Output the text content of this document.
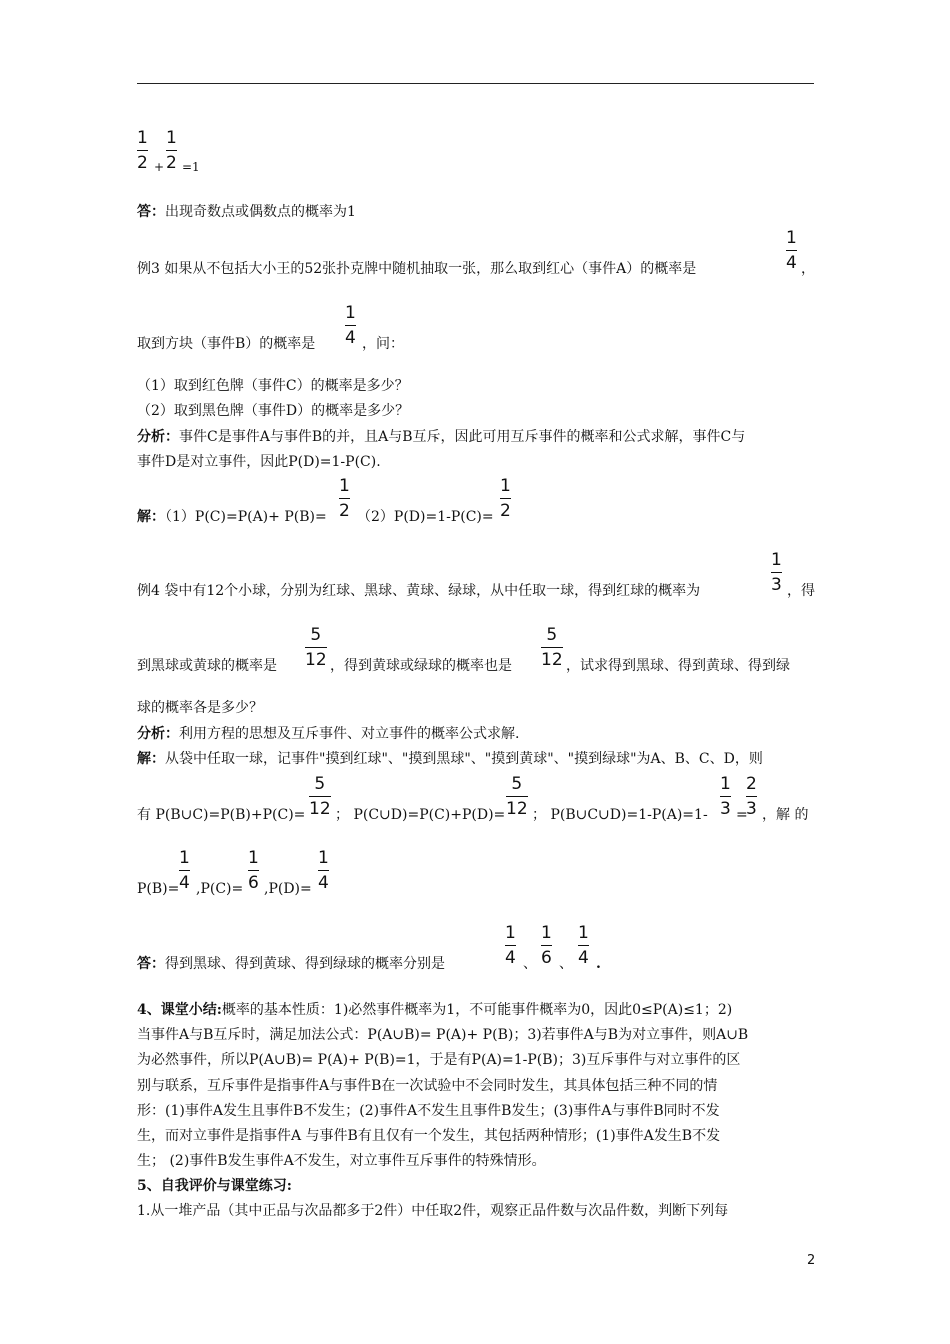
1
2 +
1
2 =1
答：出现奇数点或偶数点的概率为1
例3 如果从不包括大小王的52张扑克牌中随机抽取一张，那么取到红心（事件A）的概率是
1
4 ，
取到方块（事件B）的概率是
1
4 ，问：
（1）取到红色牌（事件C）的概率是多少？
（2）取到黑色牌（事件D）的概率是多少？
分析：事件C是事件A与事件B的并，且A与B互斥，因此可用互斥事件的概率和公式求解，事件C与
事件D是对立事件，因此P(D)=1-P(C).
解：（1）P(C)=P(A)+ P(B)=
1
2 （2）P(D)=1-P(C)=
1
2
例4 袋中有12个小球，分别为红球、黑球、黄球、绿球，从中任取一球，得到红球的概率为
1
3 ，得
到黑球或黄球的概率是
5
12 ，得到黄球或绿球的概率也是
5
12 ，试求得到黑球、得到黄球、得到绿
球的概率各是多少？
分析：利用方程的思想及互斥事件、对立事件的概率公式求解.
解：从袋中任取一球，记事件"摸到红球"、"摸到黑球"、"摸到黄球"、"摸到绿球"为A、B、C、D，则
有 P(B∪C)=P(B)+P(C)=
5
12 ； P(C∪D)=P(C)+P(D)=
5
12 ； P(B∪C∪D)=1-P(A)=1-
1
3 =
2
3 ，解 的
P(B)=
1
4 ,P(C)=
1
6 ,P(D)=
1
4
答：得到黑球、得到黄球、得到绿球的概率分别是
1
4 、
1
6 、
1
4 .
4、课堂小结:概率的基本性质：1)必然事件概率为1，不可能事件概率为0，因此0≤P(A)≤1；2)
当事件A与B互斥时，满足加法公式：P(A∪B)= P(A)+ P(B)；3)若事件A与B为对立事件，则A∪B
为必然事件，所以P(A∪B)= P(A)+ P(B)=1，于是有P(A)=1-P(B)；3)互斥事件与对立事件的区
别与联系，互斥事件是指事件A与事件B在一次试验中不会同时发生，其具体包括三种不同的情
形：(1)事件A发生且事件B不发生；(2)事件A不发生且事件B发生；(3)事件A与事件B同时不发
生，而对立事件是指事件A 与事件B有且仅有一个发生，其包括两种情形；(1)事件A发生B不发
生； (2)事件B发生事件A不发生，对立事件互斥事件的特殊情形。
5、自我评价与课堂练习:
1.从一堆产品（其中正品与次品都多于2件）中任取2件，观察正品件数与次品件数，判断下列每
2
